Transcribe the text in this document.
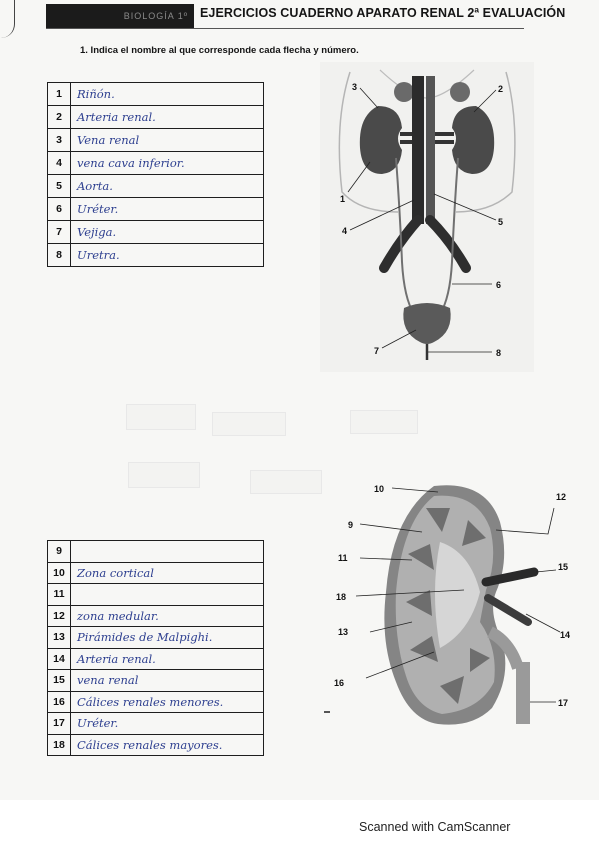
BIOLOGÍA 1º EJERCICIOS CUADERNO APARATO RENAL 2ª EVALUACIÓN
1. Indica el nombre al que corresponde cada flecha y número.
1	Riñón.
2	Arteria renal.
3	Vena renal
4	vena cava inferior.
5	Aorta.
6	Uréter.
7	Vejiga.
8	Uretra.
1
2
3
4
5
6
7	8
9
10
11
12
13	14
15
16
17
18
9	
10	Zona cortical
11	
12	zona medular.
13	Pirámides de Malpighi.
14	Arteria renal.
15	vena renal
16	Cálices renales menores.
17	Uréter.
18	Cálices renales mayores.
Scanned with CamScanner
